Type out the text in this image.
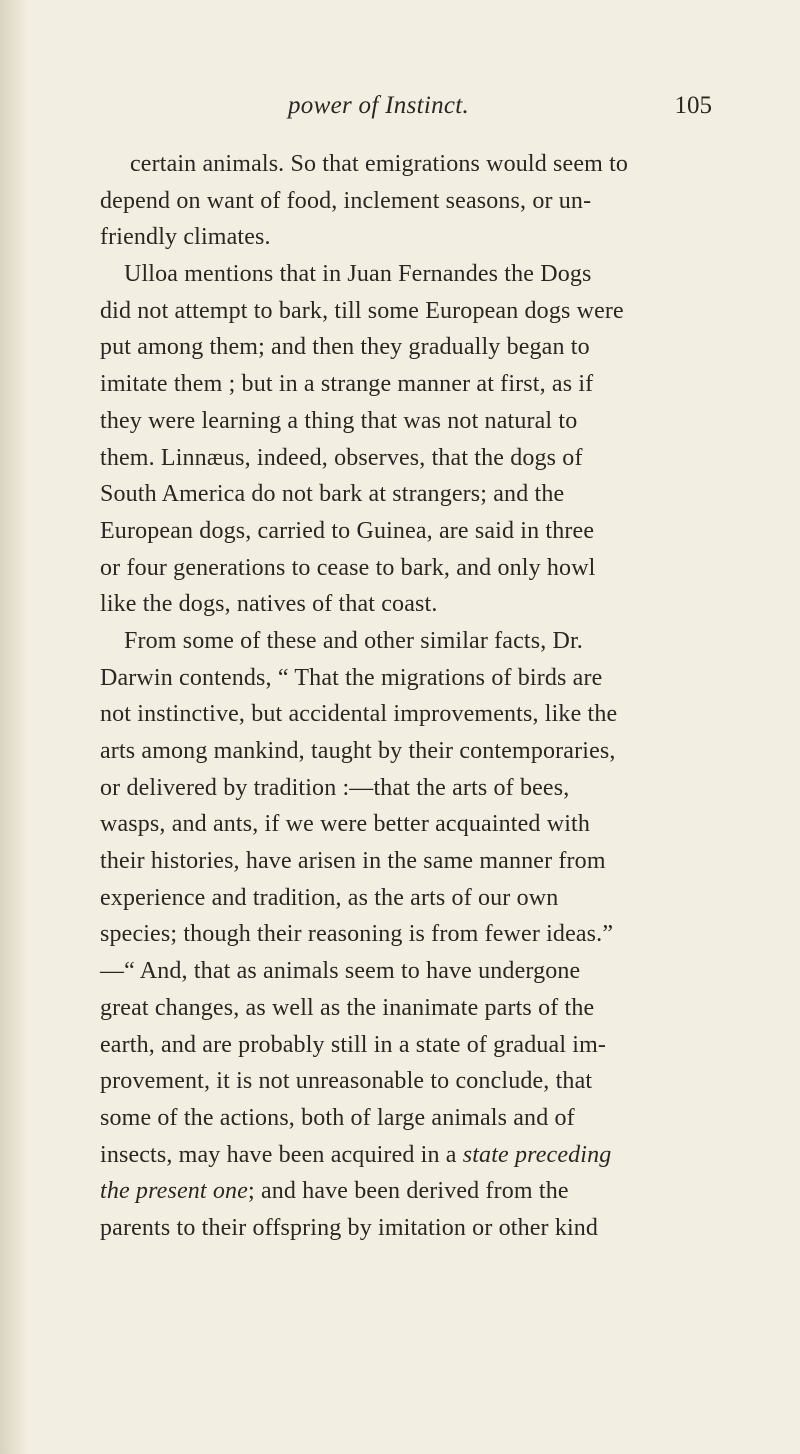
power of Instinct.	105
certain animals. So that emigrations would seem to
depend on want of food, inclement seasons, or un-
friendly climates.
Ulloa mentions that in Juan Fernandes the Dogs
did not attempt to bark, till some European dogs were
put among them; and then they gradually began to
imitate them ; but in a strange manner at first, as if
they were learning a thing that was not natural to
them. Linnæus, indeed, observes, that the dogs of
South America do not bark at strangers; and the
European dogs, carried to Guinea, are said in three
or four generations to cease to bark, and only howl
like the dogs, natives of that coast.
From some of these and other similar facts, Dr.
Darwin contends, “ That the migrations of birds are
not instinctive, but accidental improvements, like the
arts among mankind, taught by their contemporaries,
or delivered by tradition :—that the arts of bees,
wasps, and ants, if we were better acquainted with
their histories, have arisen in the same manner from
experience and tradition, as the arts of our own
species; though their reasoning is from fewer ideas.”
—“ And, that as animals seem to have undergone
great changes, as well as the inanimate parts of the
earth, and are probably still in a state of gradual im-
provement, it is not unreasonable to conclude, that
some of the actions, both of large animals and of
insects, may have been acquired in a state preceding
the present one; and have been derived from the
parents to their offspring by imitation or other kind
